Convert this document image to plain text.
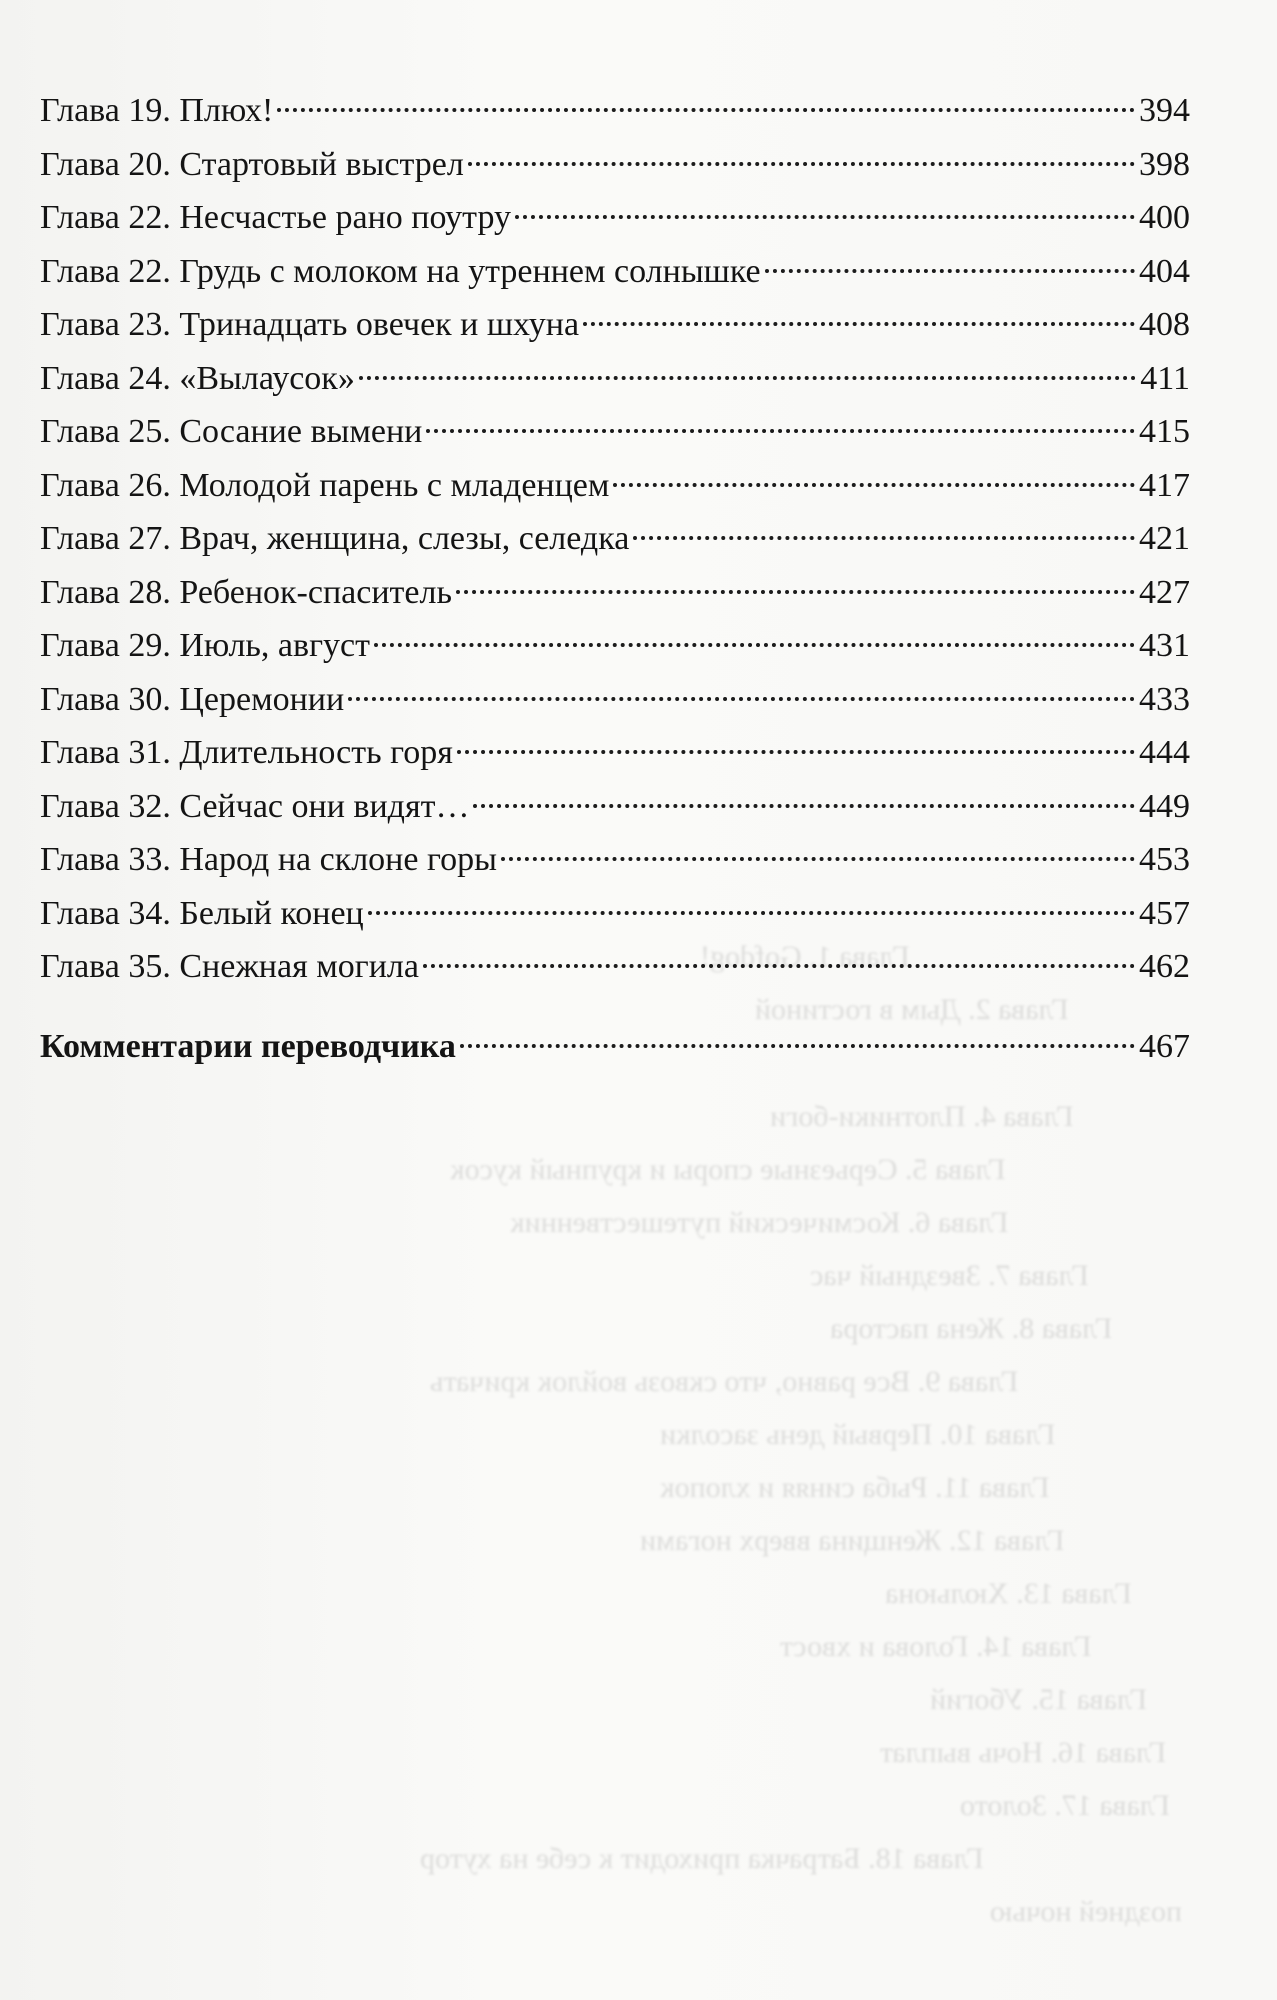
Глава 1. Gofdog!
Глава 2. Дым в гостиной
Глава 4. Плотники-боги
Глава 5. Серьезные споры и крупный кусок
Глава 6. Космический путешественник
Глава 7. Звездный час
Глава 8. Жена пастора
Глава 9. Все равно, что сквозь войлок кричать
Глава 10. Первый день засолки
Глава 11. Рыба синяя и хлопок
Глава 12. Женщина вверх ногами
Глава 13. Хюльюна
Глава 14. Голова и хвост
Глава 15. Убогий
Глава 16. Ночь выплат
Глава 17. Золото
Глава 18. Батрачка приходит к себе на хутор
поздней ночью
Глава 19. Плюх!	394
Глава 20. Стартовый выстрел	398
Глава 22. Несчастье рано поутру	400
Глава 22. Грудь с молоком на утреннем солнышке	404
Глава 23. Тринадцать овечек и шхуна	408
Глава 24. «Вылаусок»	411
Глава 25. Сосание вымени	415
Глава 26. Молодой парень с младенцем	417
Глава 27. Врач, женщина, слезы, селедка	421
Глава 28. Ребенок-спаситель	427
Глава 29. Июль, август	431
Глава 30. Церемонии	433
Глава 31. Длительность горя	444
Глава 32. Сейчас они видят…	449
Глава 33. Народ на склоне горы	453
Глава 34. Белый конец	457
Глава 35. Снежная могила	462
Комментарии переводчика	467
